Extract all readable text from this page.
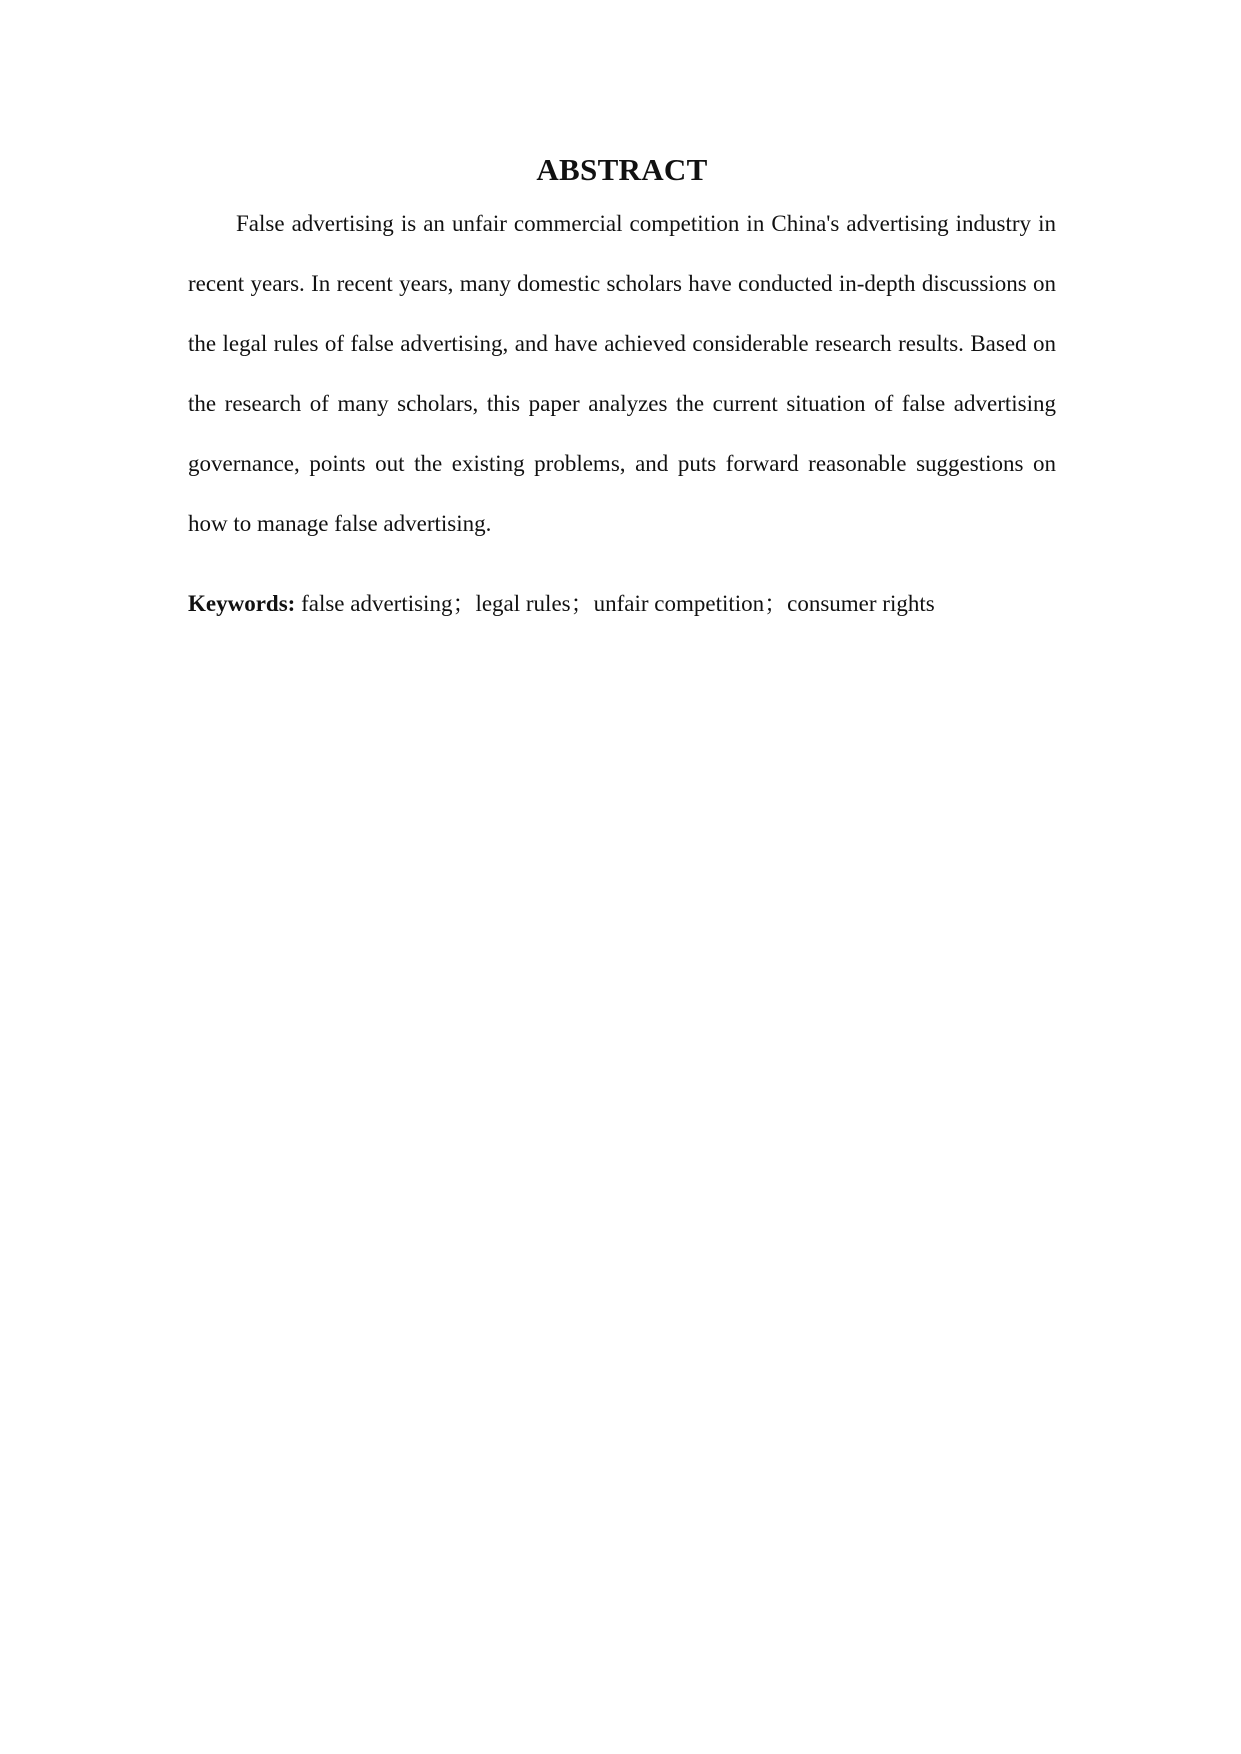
ABSTRACT

False advertising is an unfair commercial competition in China's advertising industry in recent years. In recent years, many domestic scholars have conducted in-depth discussions on the legal rules of false advertising, and have achieved considerable research results. Based on the research of many scholars, this paper analyzes the current situation of false advertising governance, points out the existing problems, and puts forward reasonable suggestions on how to manage false advertising.

Keywords: false advertising；legal rules；unfair competition；consumer rights
